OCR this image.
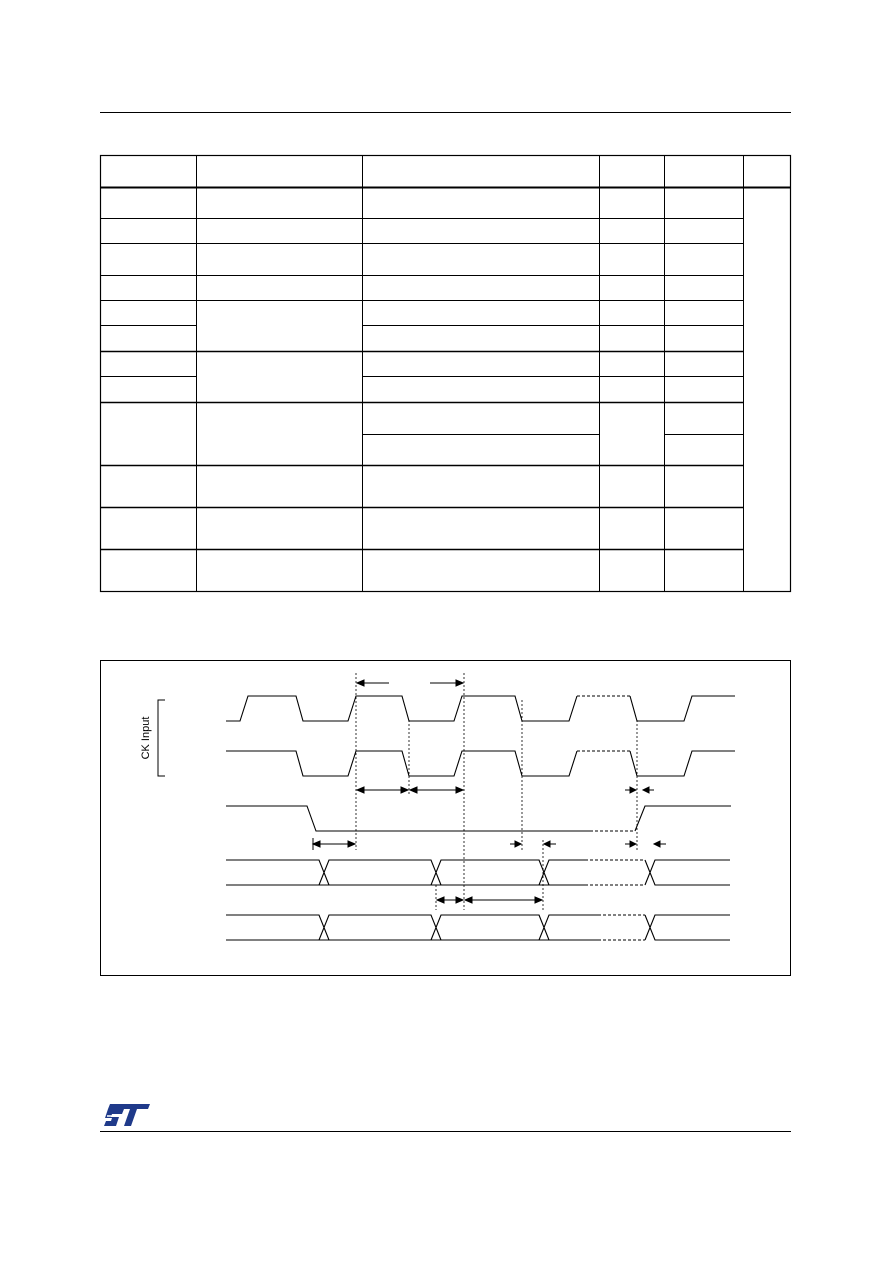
CK Input
